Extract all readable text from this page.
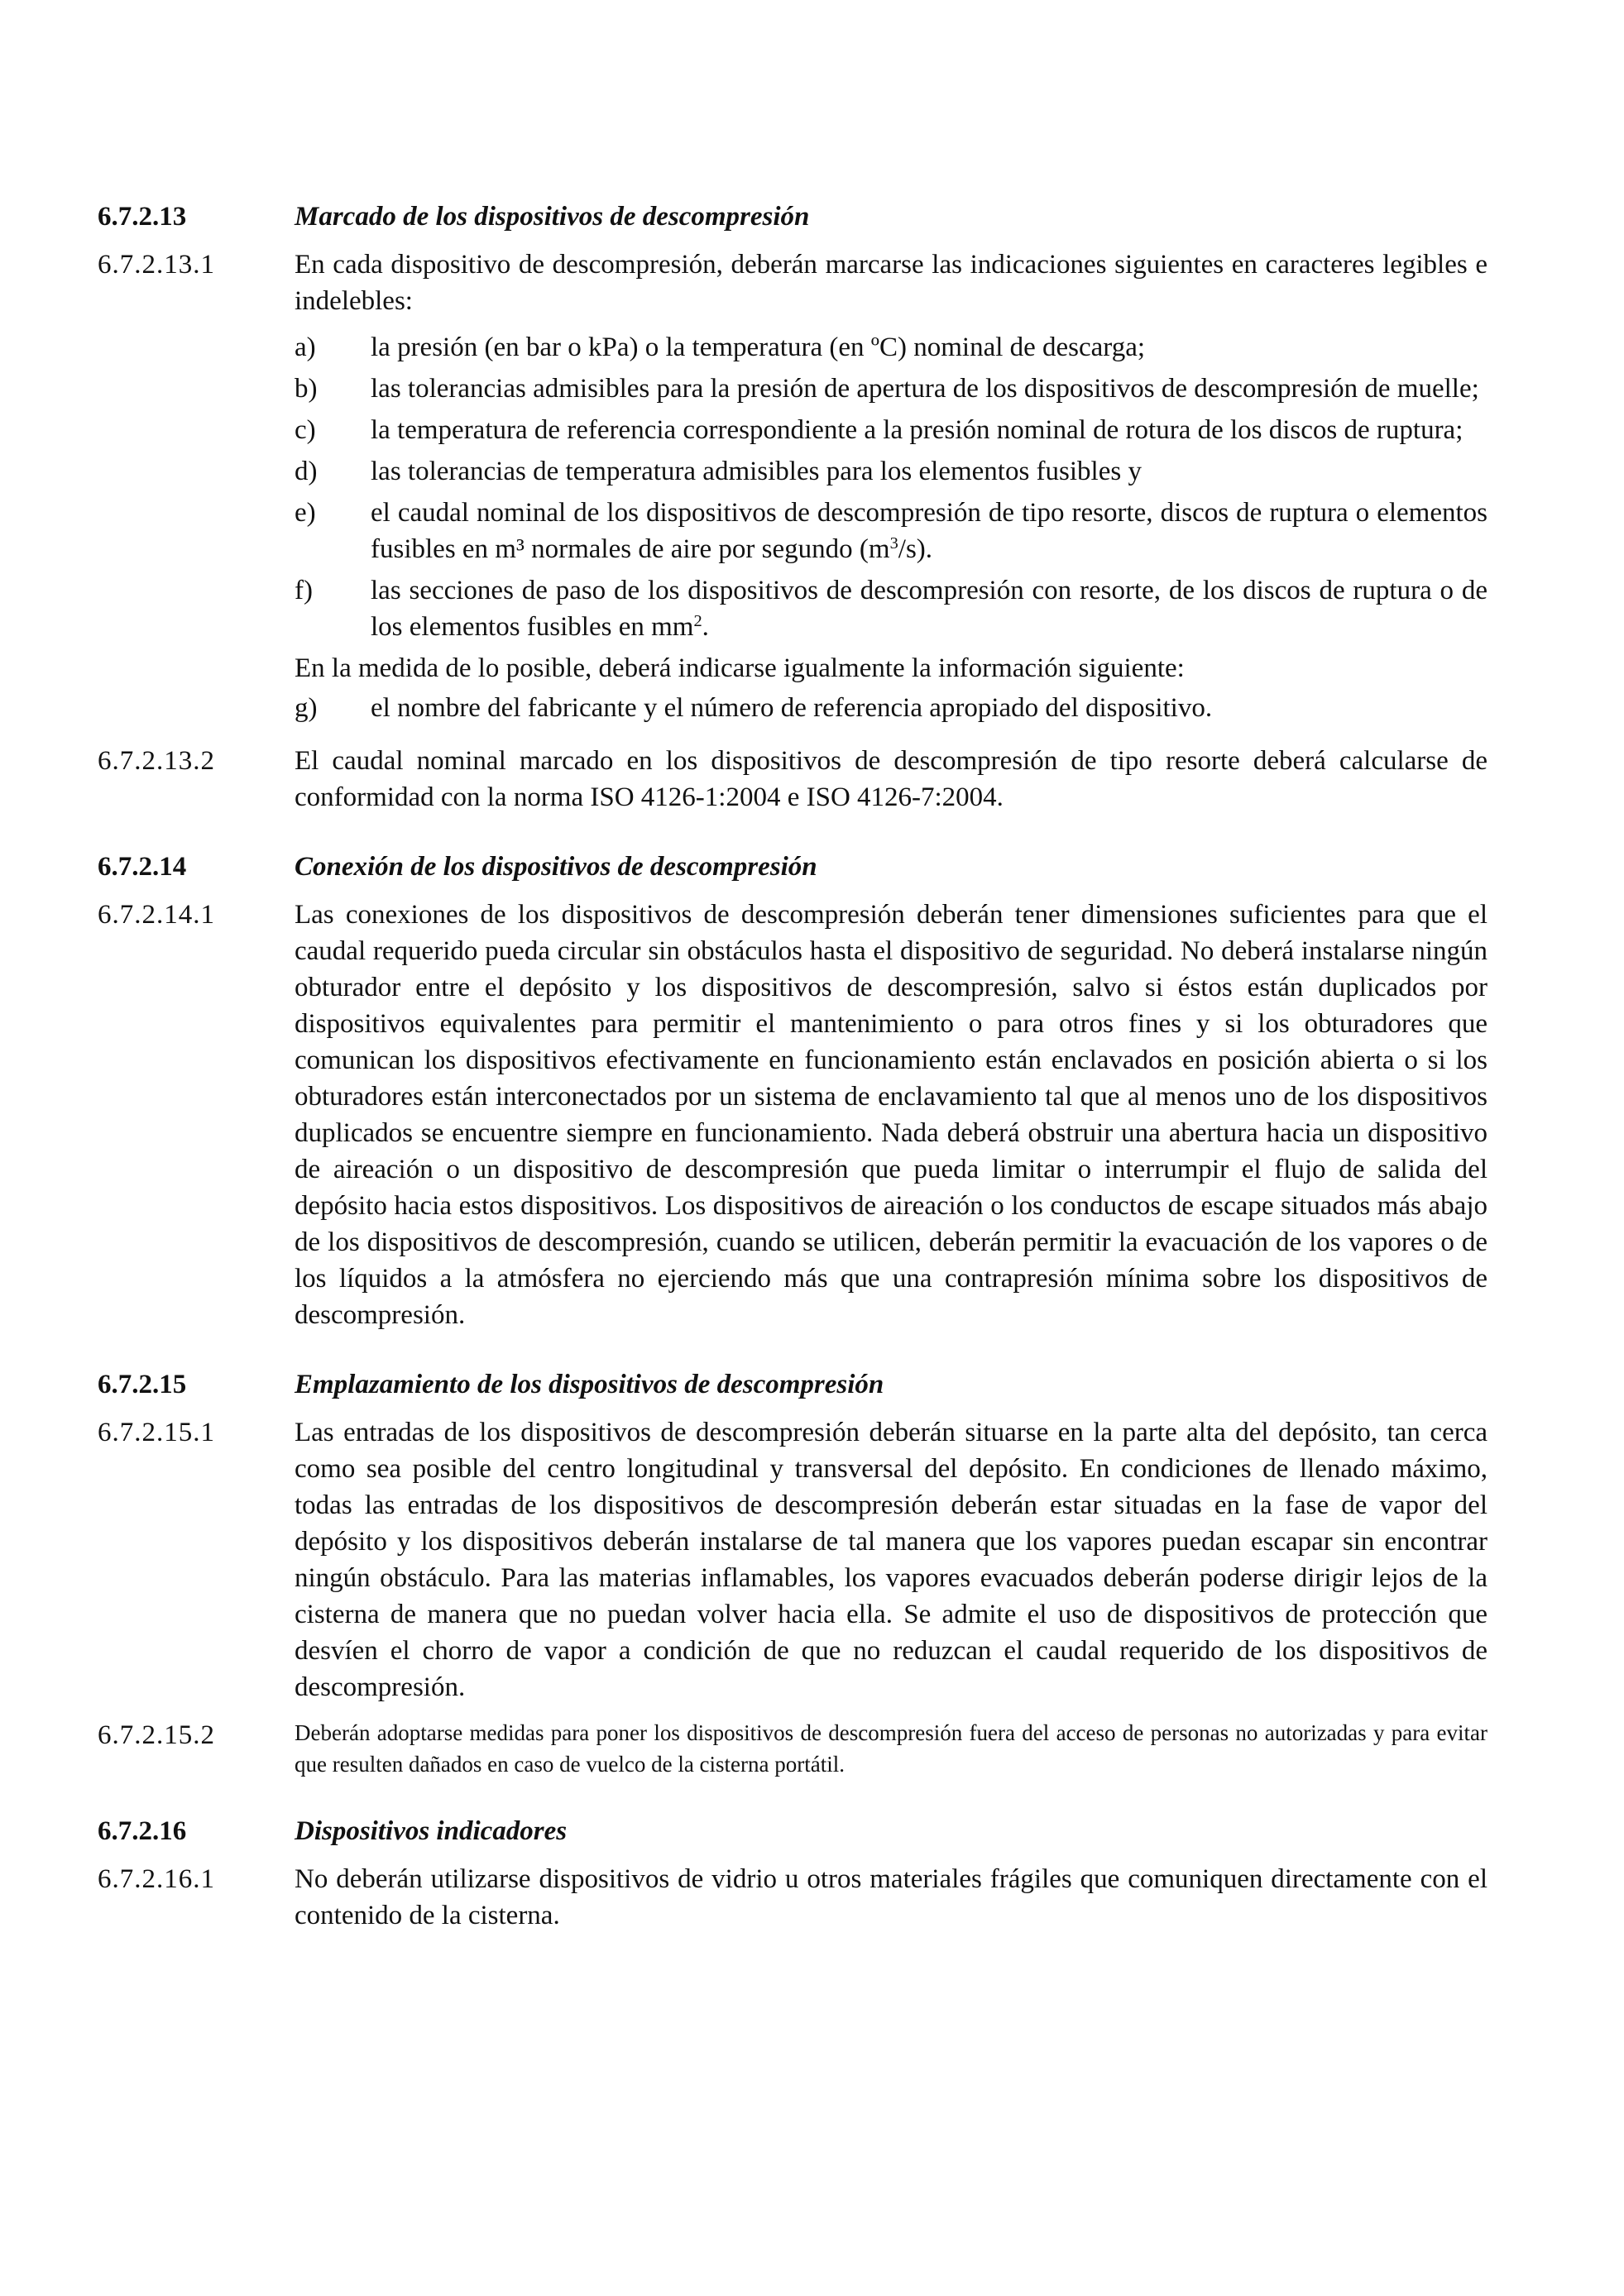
6.7.2.13	Marcado de los dispositivos de descompresión
6.7.2.13.1	En cada dispositivo de descompresión, deberán marcarse las indicaciones siguientes en caracteres legibles e indelebles:
a)	la presión (en bar o kPa) o la temperatura (en ºC) nominal de descarga;
b)	las tolerancias admisibles para la presión de apertura de los dispositivos de descompresión de muelle;
c)	la temperatura de referencia correspondiente a la presión nominal de rotura de los discos de ruptura;
d)	las tolerancias de temperatura admisibles para los elementos fusibles y
e)	el caudal nominal de los dispositivos de descompresión de tipo resorte, discos de ruptura o elementos fusibles en m³ normales de aire por segundo $(m^3/s)$.
f)	las secciones de paso de los dispositivos de descompresión con resorte, de los discos de ruptura o de los elementos fusibles en $mm^2$.
En la medida de lo posible, deberá indicarse igualmente la información siguiente:
g)	el nombre del fabricante y el número de referencia apropiado del dispositivo.
6.7.2.13.2	El caudal nominal marcado en los dispositivos de descompresión de tipo resorte deberá calcularse de conformidad con la norma ISO 4126-1:2004 e ISO 4126-7:2004.
6.7.2.14	Conexión de los dispositivos de descompresión
6.7.2.14.1	Las conexiones de los dispositivos de descompresión deberán tener dimensiones suficientes para que el caudal requerido pueda circular sin obstáculos hasta el dispositivo de seguridad. No deberá instalarse ningún obturador entre el depósito y los dispositivos de descompresión, salvo si éstos están duplicados por dispositivos equivalentes para permitir el mantenimiento o para otros fines y si los obturadores que comunican los dispositivos efectivamente en funcionamiento están enclavados en posición abierta o si los obturadores están interconectados por un sistema de enclavamiento tal que al menos uno de los dispositivos duplicados se encuentre siempre en funcionamiento. Nada deberá obstruir una abertura hacia un dispositivo de aireación o un dispositivo de descompresión que pueda limitar o interrumpir el flujo de salida del depósito hacia estos dispositivos. Los dispositivos de aireación o los conductos de escape situados más abajo de los dispositivos de descompresión, cuando se utilicen, deberán permitir la evacuación de los vapores o de los líquidos a la atmósfera no ejerciendo más que una contrapresión mínima sobre los dispositivos de descompresión.
6.7.2.15	Emplazamiento de los dispositivos de descompresión
6.7.2.15.1	Las entradas de los dispositivos de descompresión deberán situarse en la parte alta del depósito, tan cerca como sea posible del centro longitudinal y transversal del depósito. En condiciones de llenado máximo, todas las entradas de los dispositivos de descompresión deberán estar situadas en la fase de vapor del depósito y los dispositivos deberán instalarse de tal manera que los vapores puedan escapar sin encontrar ningún obstáculo. Para las materias inflamables, los vapores evacuados deberán poderse dirigir lejos de la cisterna de manera que no puedan volver hacia ella. Se admite el uso de dispositivos de protección que desvíen el chorro de vapor a condición de que no reduzcan el caudal requerido de los dispositivos de descompresión.
6.7.2.15.2	Deberán adoptarse medidas para poner los dispositivos de descompresión fuera del acceso de personas no autorizadas y para evitar que resulten dañados en caso de vuelco de la cisterna portátil.
6.7.2.16	Dispositivos indicadores
6.7.2.16.1	No deberán utilizarse dispositivos de vidrio u otros materiales frágiles que comuniquen directamente con el contenido de la cisterna.
